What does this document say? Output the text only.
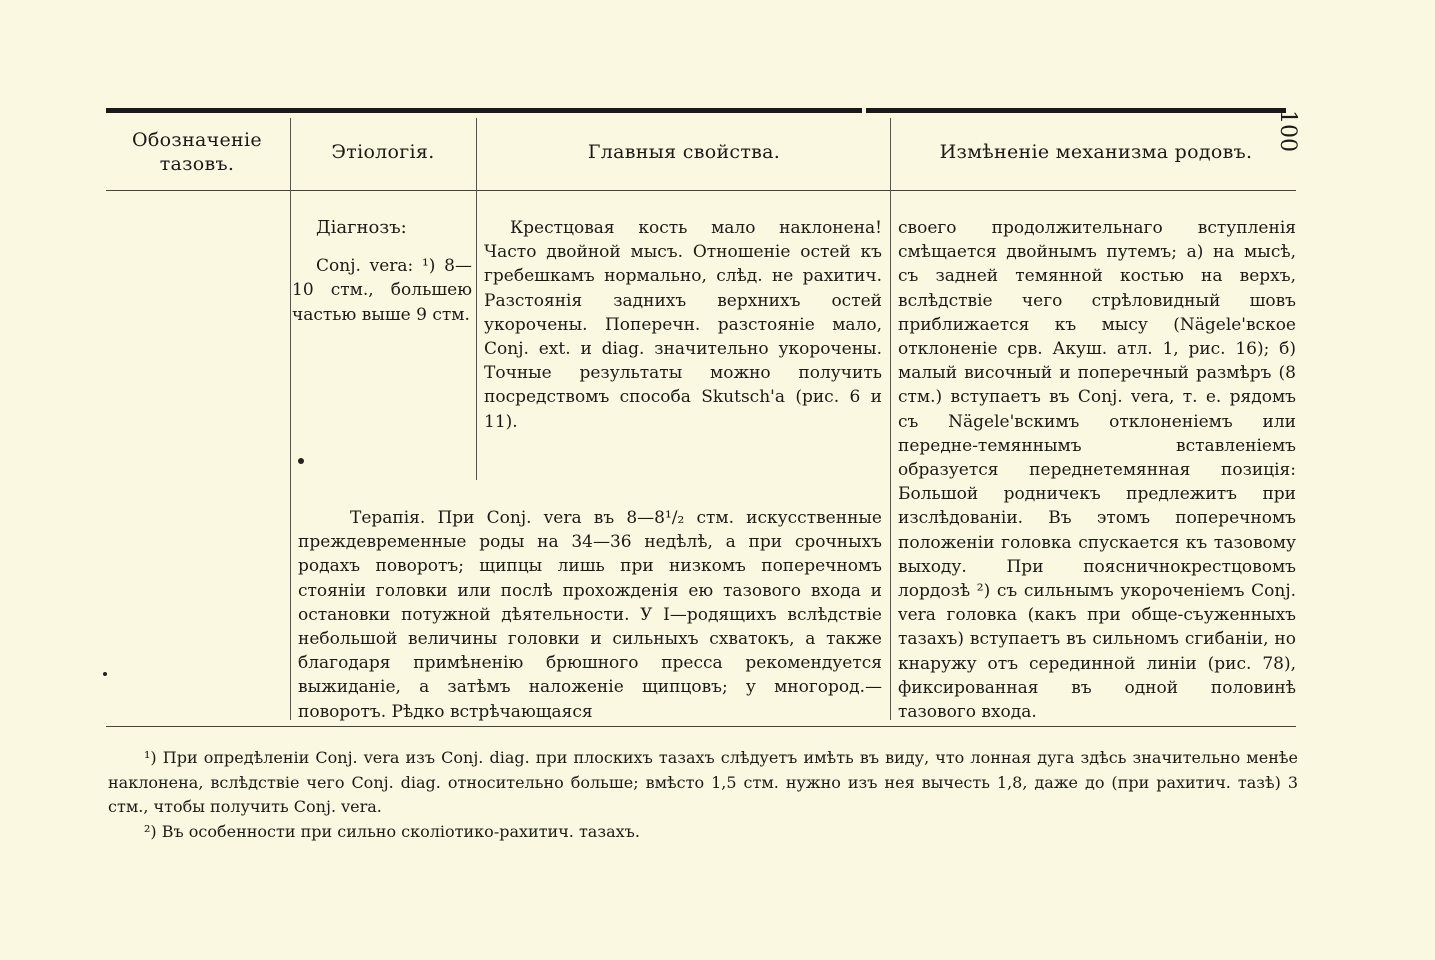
100
Обозначенiе тазовъ.
Этiологiя.	Главныя свойства.	Измѣненiе механизма родовъ.
Дiагнозъ:

Conj. vera: ¹) 8—10 стм., большею частью выше 9 стм.

Крестцовая кость мало наклонена! Часто двойной мысъ. Отношенiе остей къ гребешкамъ нормально, слѣд. не рахитич. Разстоянiя заднихъ верхнихъ остей укорочены. Поперечн. разстоянiе мало, Conj. ext. и diag. значительно укорочены. Точные результаты можно получить посредствомъ способа Skutsch'а (рис. 6 и 11).

Терапiя. При Conj. vera въ 8—8¹/₂ стм. искусственные преждевременные роды на 34—36 недѣлѣ, а при срочныхъ родахъ поворотъ; щипцы лишь при низкомъ поперечномъ стоянiи головки или послѣ прохожденiя ею тазового входа и остановки потужной дѣятельности. У I—родящихъ вслѣдствiе небольшой величины головки и сильныхъ схватокъ, а также благодаря примѣненiю брюшного пресса рекомендуется выжиданiе, а затѣмъ наложенiе щипцовъ; у многород.—поворотъ. Рѣдко встрѣчающаяся

своего продолжительнаго вступленiя смѣщается двойнымъ путемъ; а) на мысѣ, съ задней темянной костью на верхъ, вслѣдствiе чего стрѣловидный шовъ приближается къ мысу (Nägele'вское отклоненiе срв. Акуш. атл. 1, рис. 16); б) малый височный и поперечный размѣръ (8 стм.) вступаетъ въ Conj. vera, т. е. рядомъ съ Nägele'вскимъ отклоненiемъ или передне-темяннымъ вставленiемъ образуется переднетемянная позицiя: Большой родничекъ предлежитъ при изслѣдованiи. Въ этомъ поперечномъ положенiи головка спускается къ тазовому выходу. При поясничнокрестцовомъ лордозѣ ²) съ сильнымъ укороченiемъ Conj. vera головка (какъ при обще-съуженныхъ тазахъ) вступаетъ въ сильномъ сгибанiи, но кнаружу отъ серединной линiи (рис. 78), фиксированная въ одной половинѣ тазового входа.

¹) При опредѣленiи Conj. vera изъ Conj. diag. при плоскихъ тазахъ слѣдуетъ имѣть въ виду, что лонная дуга здѣсь значительно менѣе наклонена, вслѣдствiе чего Conj. diag. относительно больше; вмѣсто 1,5 стм. нужно изъ нея вычесть 1,8, даже до (при рахитич. тазѣ) 3 стм., чтобы получить Conj. vera.

²) Въ особенности при сильно сколiотико-рахитич. тазахъ.
